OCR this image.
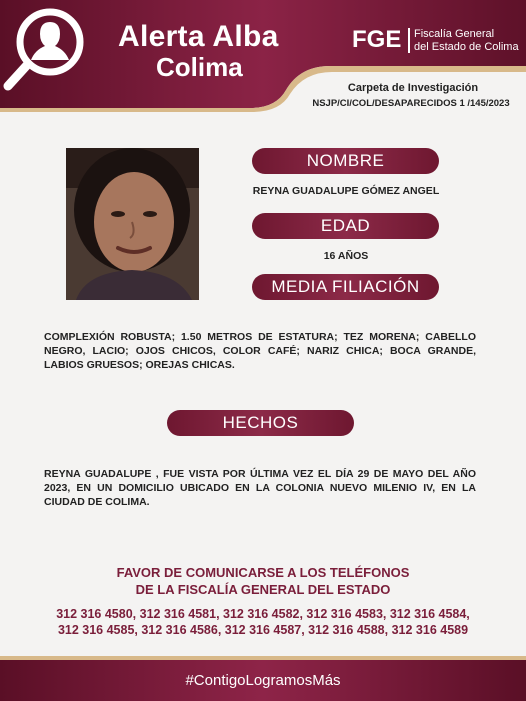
Alerta Alba
Colima
FGE Fiscalía General
del Estado de Colima
Carpeta de Investigación
NSJP/CI/COL/DESAPARECIDOS 1 /145/2023
NOMBRE
REYNA GUADALUPE GÓMEZ ANGEL
EDAD
16 AÑOS
MEDIA FILIACIÓN
COMPLEXIÓN ROBUSTA; 1.50 METROS DE ESTATURA; TEZ MORENA; CABELLO NEGRO, LACIO; OJOS CHICOS, COLOR CAFÉ; NARIZ CHICA; BOCA GRANDE, LABIOS GRUESOS; OREJAS CHICAS.
HECHOS
REYNA GUADALUPE , FUE VISTA POR ÚLTIMA VEZ EL DÍA 29 DE MAYO DEL AÑO 2023, EN UN DOMICILIO UBICADO EN LA COLONIA NUEVO MILENIO IV, EN LA CIUDAD DE COLIMA.
FAVOR DE COMUNICARSE A LOS TELÉFONOS
DE LA FISCALÍA GENERAL DEL ESTADO
312 316 4580, 312 316 4581, 312 316 4582, 312 316 4583, 312 316 4584, 312 316 4585, 312 316 4586, 312 316 4587, 312 316 4588, 312 316 4589
#ContigoLogramosMás
